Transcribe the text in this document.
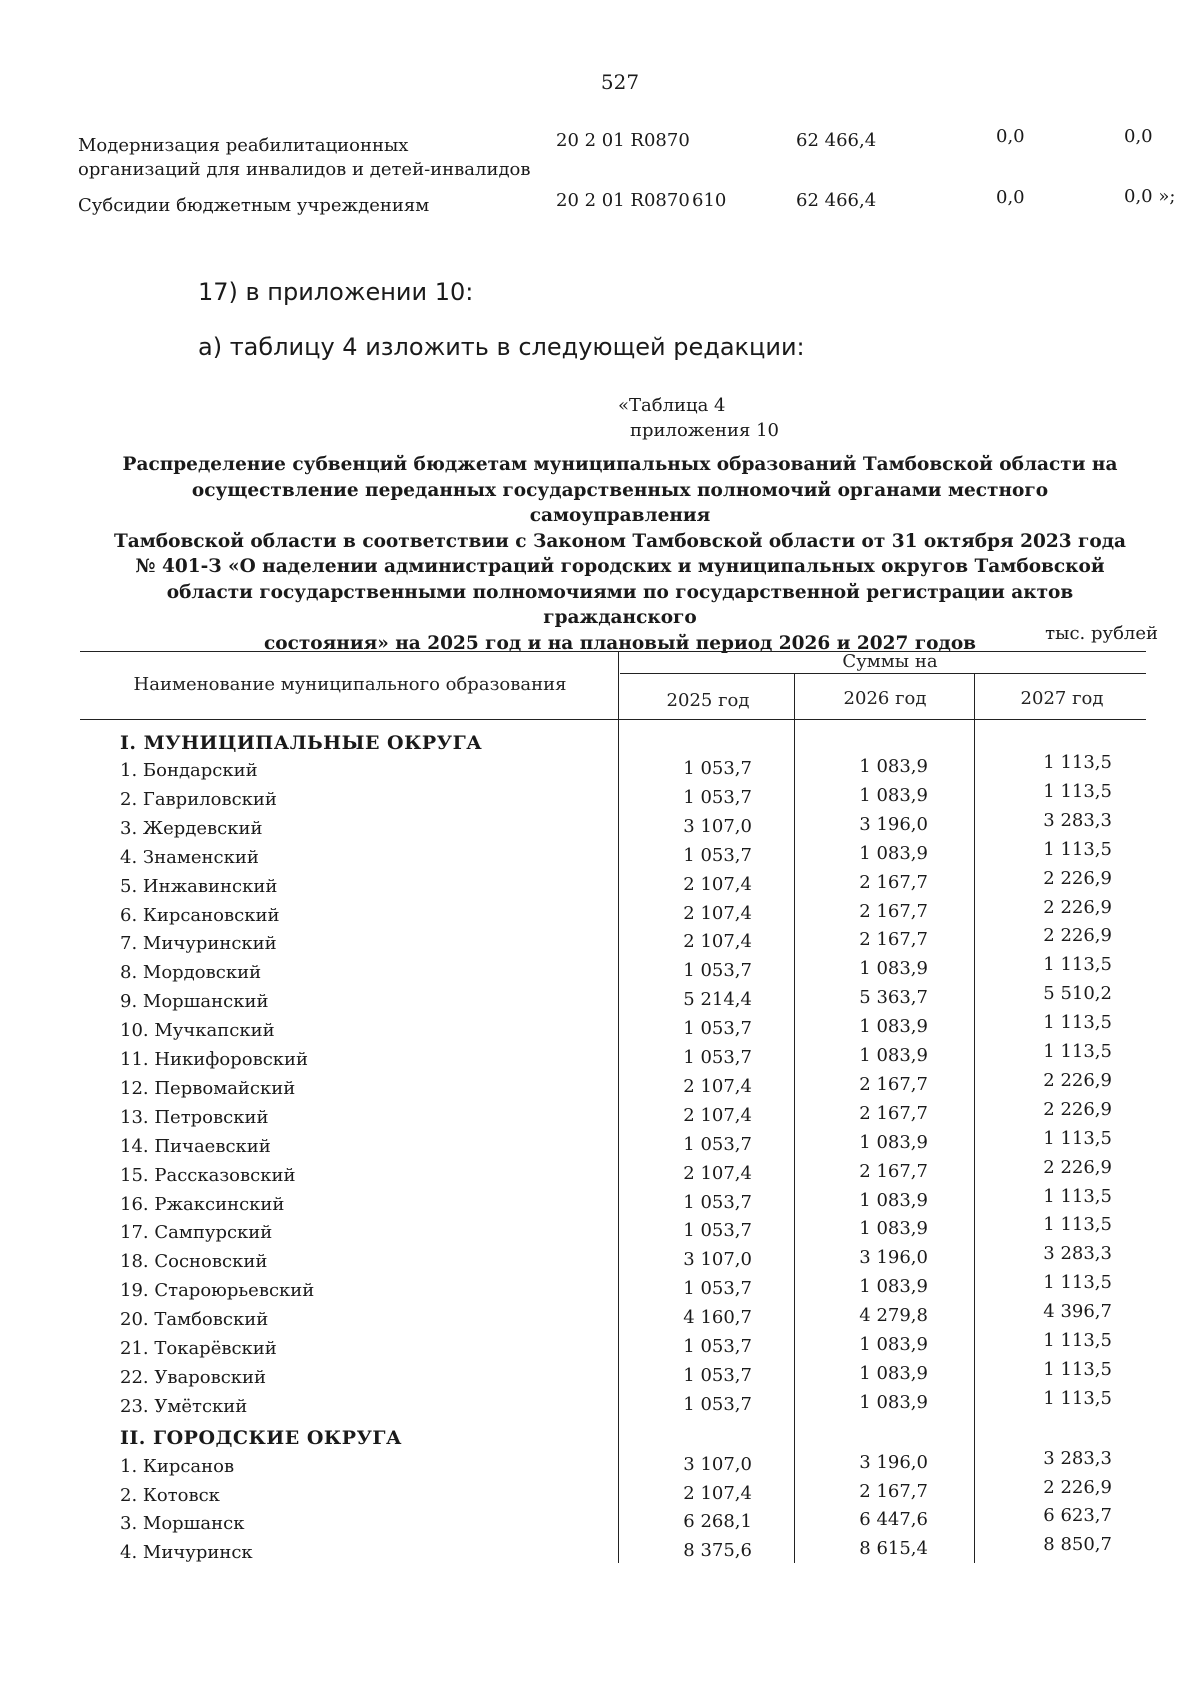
527
Модернизация реабилитационных
организаций для инвалидов и детей-инвалидов
20 2 01 R0870	62 466,4	0,0	0,0
Субсидии бюджетным учреждениям	20 2 01 R0870 610	62 466,4	0,0	0,0 »;
17) в приложении 10:
а) таблицу 4 изложить в следующей редакции:
«Таблица 4
приложения 10
Распределение субвенций бюджетам муниципальных образований Тамбовской области на
осуществление переданных государственных полномочий органами местного самоуправления
Тамбовской области в соответствии с Законом Тамбовской области от 31 октября 2023 года
№ 401-З «О наделении администраций городских и муниципальных округов Тамбовской
области государственными полномочиями по государственной регистрации актов гражданского
состояния» на 2025 год и на плановый период 2026 и 2027 годов	тыс. рублей
Наименование муниципального образования
Суммы на
2025 год	2026 год	2027 год
I. МУНИЦИПАЛЬНЫЕ ОКРУГА
1. Бондарский	1 053,7	1 083,9	1 113,5
2. Гавриловский	1 053,7	1 083,9	1 113,5
3. Жердевский	3 107,0	3 196,0	3 283,3
4. Знаменский	1 053,7	1 083,9	1 113,5
5. Инжавинский	2 107,4	2 167,7	2 226,9
6. Кирсановский	2 107,4	2 167,7	2 226,9
7. Мичуринский	2 107,4	2 167,7	2 226,9
8. Мордовский	1 053,7	1 083,9	1 113,5
9. Моршанский	5 214,4	5 363,7	5 510,2
10. Мучкапский	1 053,7	1 083,9	1 113,5
11. Никифоровский	1 053,7	1 083,9	1 113,5
12. Первомайский	2 107,4	2 167,7	2 226,9
13. Петровский	2 107,4	2 167,7	2 226,9
14. Пичаевский	1 053,7	1 083,9	1 113,5
15. Рассказовский	2 107,4	2 167,7	2 226,9
16. Ржаксинский	1 053,7	1 083,9	1 113,5
17. Сампурский	1 053,7	1 083,9	1 113,5
18. Сосновский	3 107,0	3 196,0	3 283,3
19. Староюрьевский	1 053,7	1 083,9	1 113,5
20. Тамбовский	4 160,7	4 279,8	4 396,7
21. Токарёвский	1 053,7	1 083,9	1 113,5
22. Уваровский	1 053,7	1 083,9	1 113,5
23. Умётский	1 053,7	1 083,9	1 113,5
II. ГОРОДСКИЕ ОКРУГА
1. Кирсанов	3 107,0	3 196,0	3 283,3
2. Котовск	2 107,4	2 167,7	2 226,9
3. Моршанск	6 268,1	6 447,6	6 623,7
4. Мичуринск	8 375,6	8 615,4	8 850,7
